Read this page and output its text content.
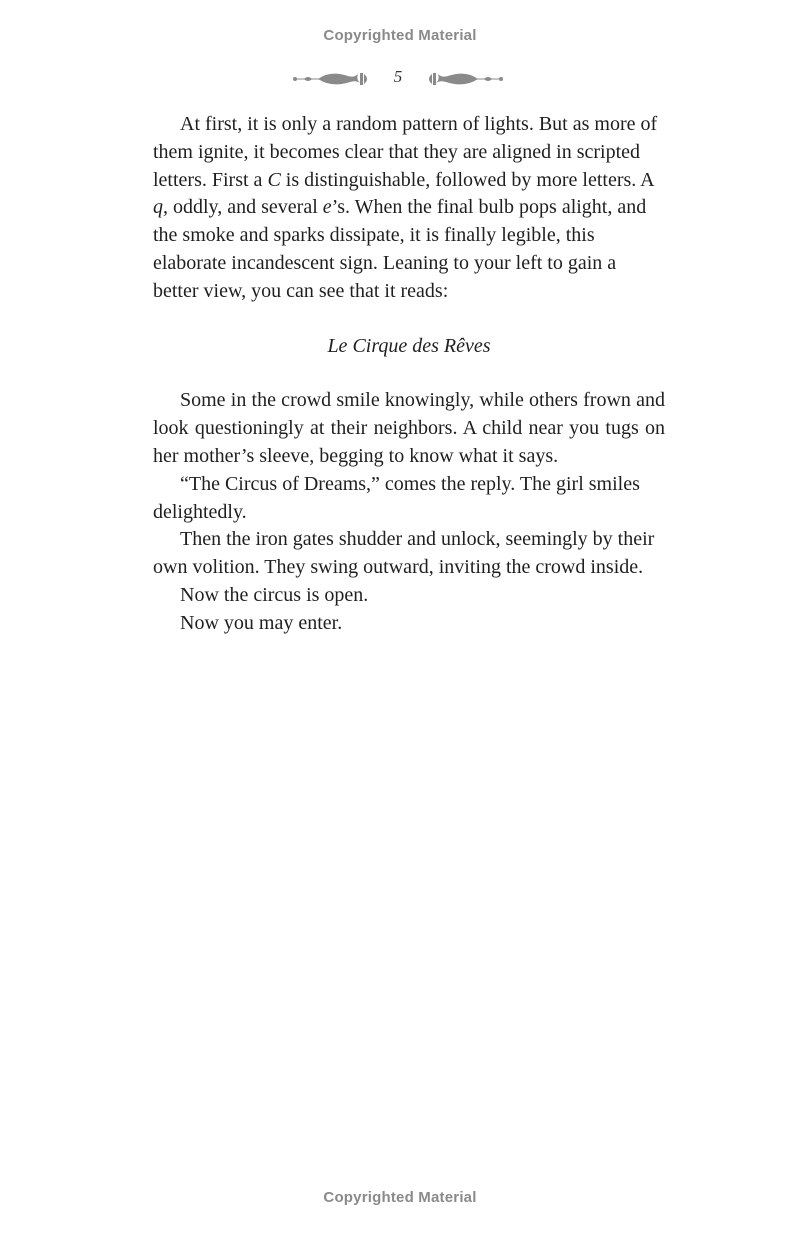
Copyrighted Material
5

At first, it is only a random pattern of lights. But as more of them ignite, it becomes clear that they are aligned in scripted letters. First a C is distinguishable, followed by more letters. A q, oddly, and several e’s. When the final bulb pops alight, and the smoke and sparks dissipate, it is finally legible, this elaborate incandescent sign. Leaning to your left to gain a better view, you can see that it reads:

Le Cirque des Rêves

Some in the crowd smile knowingly, while others frown and look questioningly at their neighbors. A child near you tugs on her mother’s sleeve, begging to know what it says.

“The Circus of Dreams,” comes the reply. The girl smiles delightedly.

Then the iron gates shudder and unlock, seemingly by their own volition. They swing outward, inviting the crowd inside.

Now the circus is open.

Now you may enter.

Copyrighted Material
